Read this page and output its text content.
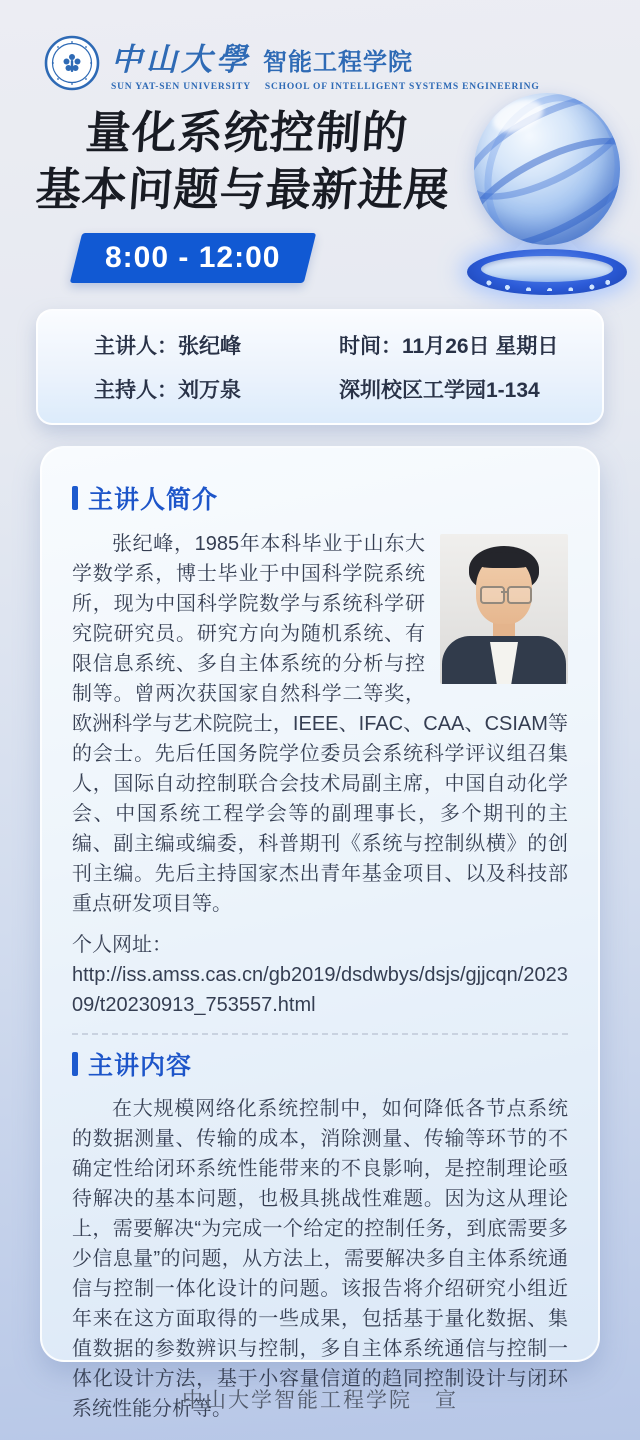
中山大學 智能工程学院
SUN YAT-SEN UNIVERSITY SCHOOL OF INTELLIGENT SYSTEMS ENGINEERING
量化系统控制的
基本问题与最新进展
8:00 - 12:00
主讲人：张纪峰	时间：11月26日 星期日
主持人：刘万泉	深圳校区工学园1-134
主讲人简介
张纪峰，1985年本科毕业于山东大学数学系，博士毕业于中国科学院系统所，现为中国科学院数学与系统科学研究院研究员。研究方向为随机系统、有限信息系统、多自主体系统的分析与控制等。曾两次获国家自然科学二等奖，欧洲科学与艺术院院士，IEEE、IFAC、CAA、CSIAM等的会士。先后任国务院学位委员会系统科学评议组召集人，国际自动控制联合会技术局副主席，中国自动化学会、中国系统工程学会等的副理事长，多个期刊的主编、副主编或编委，科普期刊《系统与控制纵横》的创刊主编。先后主持国家杰出青年基金项目、以及科技部重点研发项目等。
个人网址：
http://iss.amss.cas.cn/gb2019/dsdwbys/dsjs/gjjcqn/202309/t20230913_753557.html
主讲内容
在大规模网络化系统控制中，如何降低各节点系统的数据测量、传输的成本，消除测量、传输等环节的不确定性给闭环系统性能带来的不良影响，是控制理论亟待解决的基本问题，也极具挑战性难题。因为这从理论上，需要解决“为完成一个给定的控制任务，到底需要多少信息量”的问题，从方法上，需要解决多自主体系统通信与控制一体化设计的问题。该报告将介绍研究小组近年来在这方面取得的一些成果，包括基于量化数据、集值数据的参数辨识与控制，多自主体系统通信与控制一体化设计方法，基于小容量信道的趋同控制设计与闭环系统性能分析等。
中山大学智能工程学院　宣
